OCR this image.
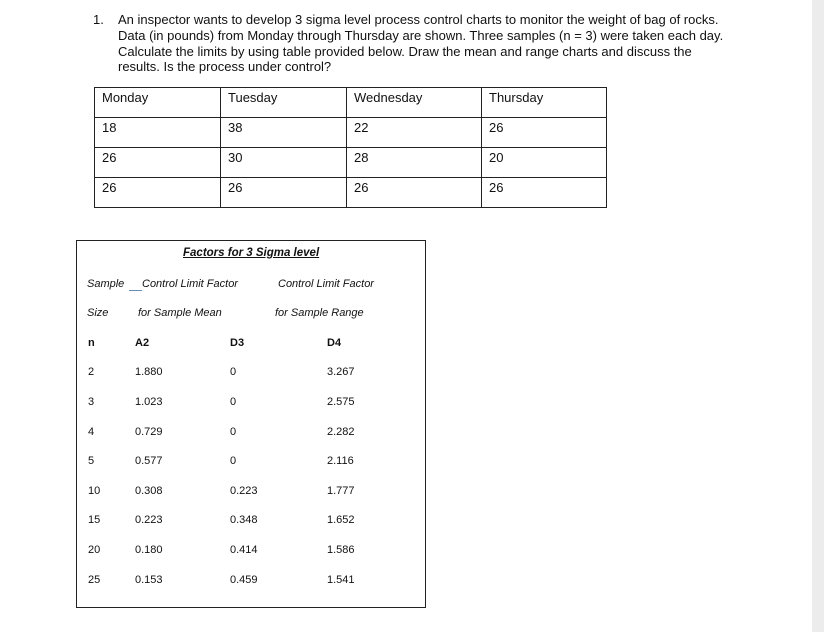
1. An inspector wants to develop 3 sigma level process control charts to monitor the weight of bag of rocks. Data (in pounds) from Monday through Thursday are shown. Three samples (n = 3) were taken each day. Calculate the limits by using table provided below. Draw the mean and range charts and discuss the results. Is the process under control?
Monday	Tuesday	Wednesday	Thursday
18	38	22	26
26	30	28	20
26	26	26	26
Factors for 3 Sigma level
Sample
Control Limit Factor	Control Limit Factor
Size	for Sample Mean	for Sample Range
n	A2	D3	D4
2	1.880	0	3.267
3	1.023	0	2.575
4	0.729	0	2.282
5	0.577	0	2.116
10	0.308	0.223	1.777
15	0.223	0.348	1.652
20	0.180	0.414	1.586
25	0.153	0.459	1.541
